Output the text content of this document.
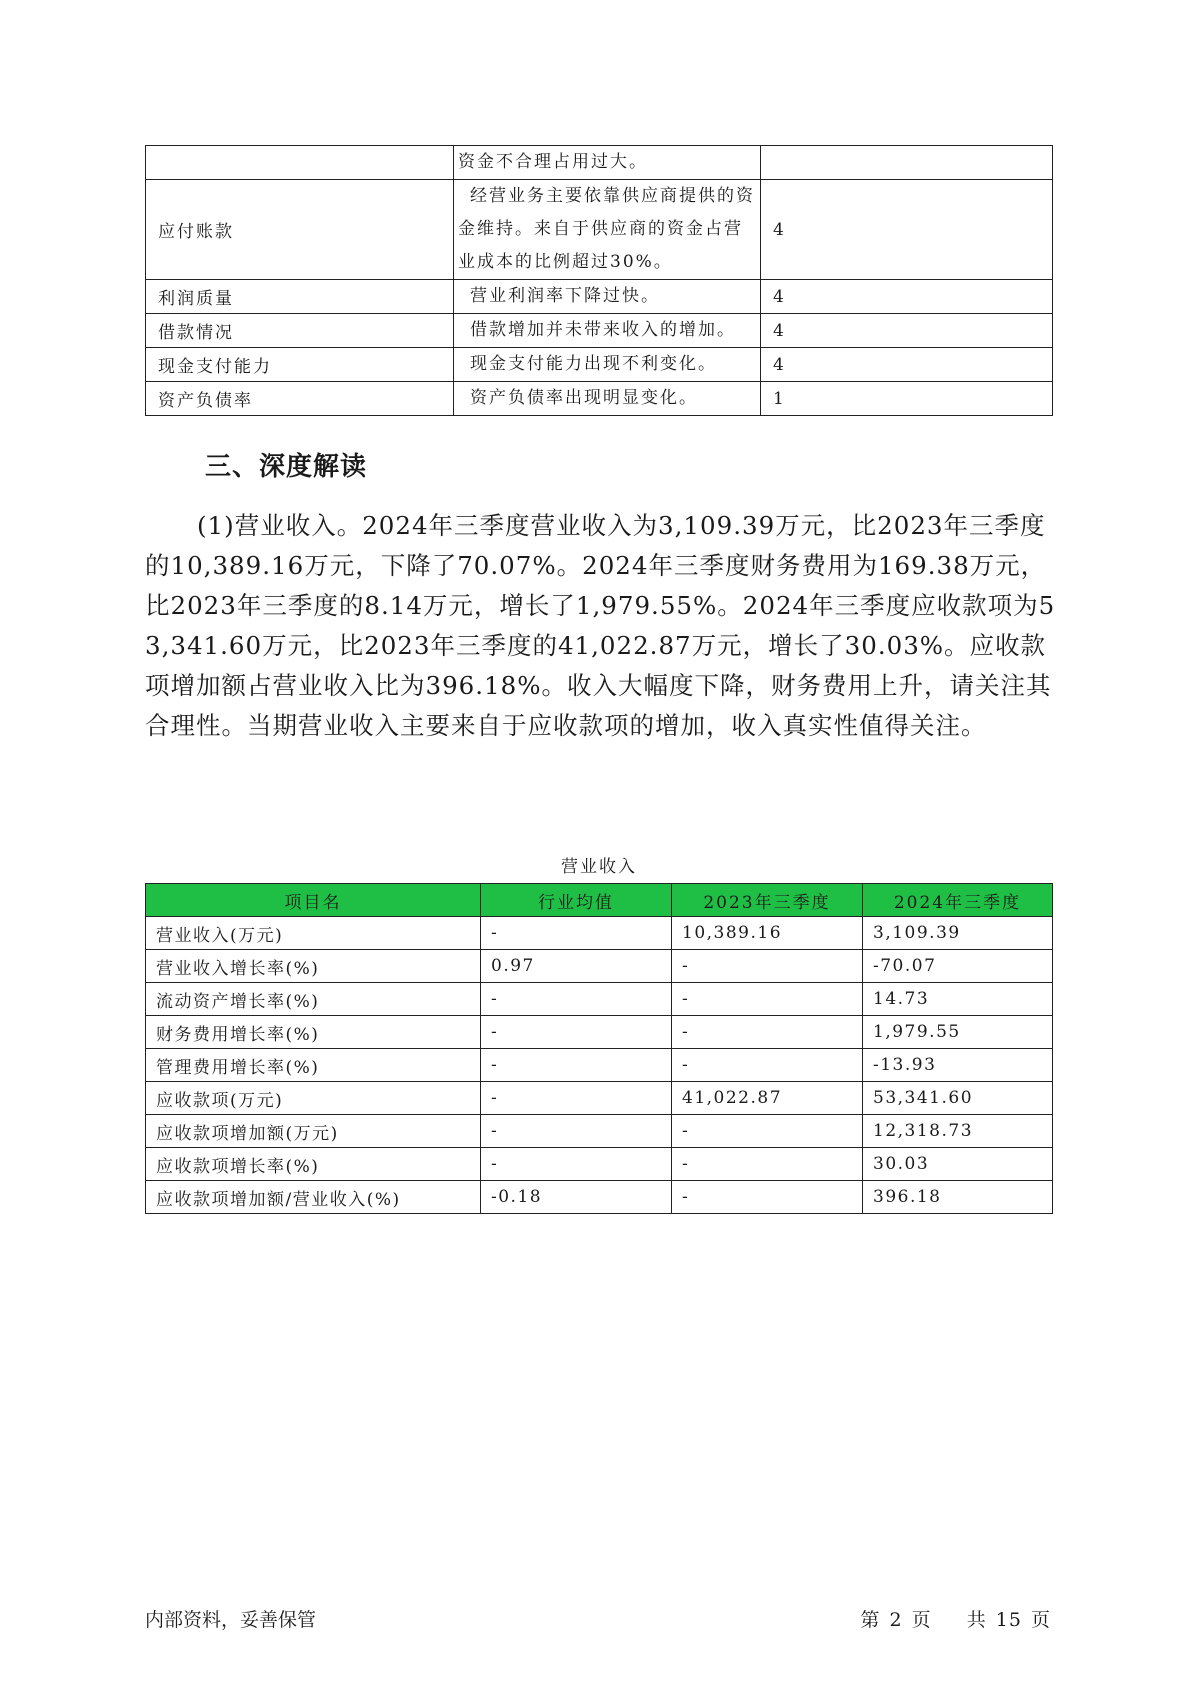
	资金不合理占用过大。	
应付账款	经营业务主要依靠供应商提供的资金维持。来自于供应商的资金占营业成本的比例超过30%。	4
利润质量	营业利润率下降过快。	4
借款情况	借款增加并未带来收入的增加。	4
现金支付能力	现金支付能力出现不利变化。	4
资产负债率	资产负债率出现明显变化。	1
三、深度解读

(1)营业收入。2024年三季度营业收入为3,109.39万元，比2023年三季度的10,389.16万元，下降了70.07%。2024年三季度财务费用为169.38万元，比2023年三季度的8.14万元，增长了1,979.55%。2024年三季度应收款项为53,341.60万元，比2023年三季度的41,022.87万元，增长了30.03%。应收款项增加额占营业收入比为396.18%。收入大幅度下降，财务费用上升，请关注其合理性。当期营业收入主要来自于应收款项的增加，收入真实性值得关注。

营业收入
项目名	行业均值	2023年三季度	2024年三季度
营业收入(万元)	-	10,389.16	3,109.39
营业收入增长率(%)	0.97	-	-70.07
流动资产增长率(%)	-	-	14.73
财务费用增长率(%)	-	-	1,979.55
管理费用增长率(%)	-	-	-13.93
应收款项(万元)	-	41,022.87	53,341.60
应收款项增加额(万元)	-	-	12,318.73
应收款项增长率(%)	-	-	30.03
应收款项增加额/营业收入(%)	-0.18	-	396.18
内部资料，妥善保管	第 2 页 共 15 页
